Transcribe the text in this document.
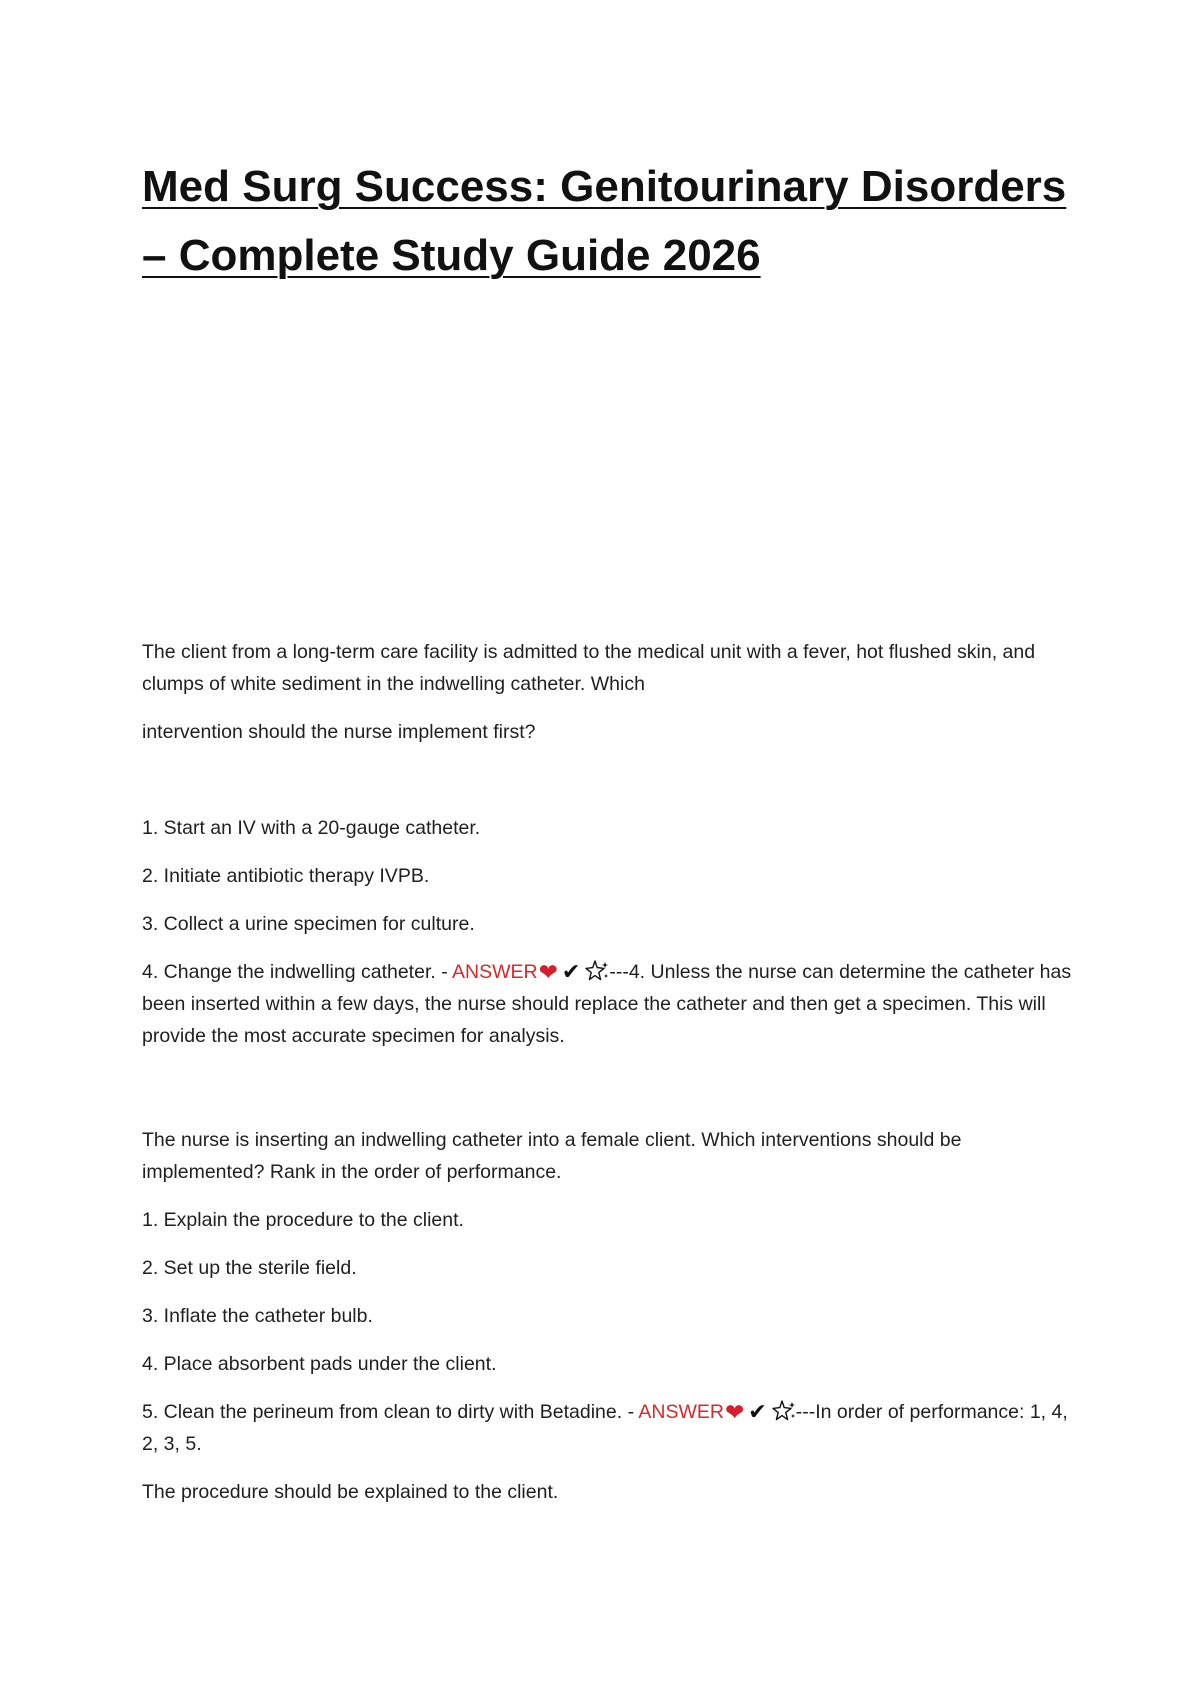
Med Surg Success: Genitourinary Disorders – Complete Study Guide 2026

The client from a long-term care facility is admitted to the medical unit with a fever, hot flushed skin, and clumps of white sediment in the indwelling catheter. Which

intervention should the nurse implement first?

1. Start an IV with a 20-gauge catheter.

2. Initiate antibiotic therapy IVPB.

3. Collect a urine specimen for culture.

4. Change the indwelling catheter. - ANSWER❤ ✔ ---4. Unless the nurse can determine the catheter has been inserted within a few days, the nurse should replace the catheter and then get a specimen. This will provide the most accurate specimen for analysis.

The nurse is inserting an indwelling catheter into a female client. Which interventions should be implemented? Rank in the order of performance.

1. Explain the procedure to the client.

2. Set up the sterile field.

3. Inflate the catheter bulb.

4. Place absorbent pads under the client.

5. Clean the perineum from clean to dirty with Betadine. - ANSWER❤ ✔ ---In order of performance: 1, 4, 2, 3, 5.

The procedure should be explained to the client.
